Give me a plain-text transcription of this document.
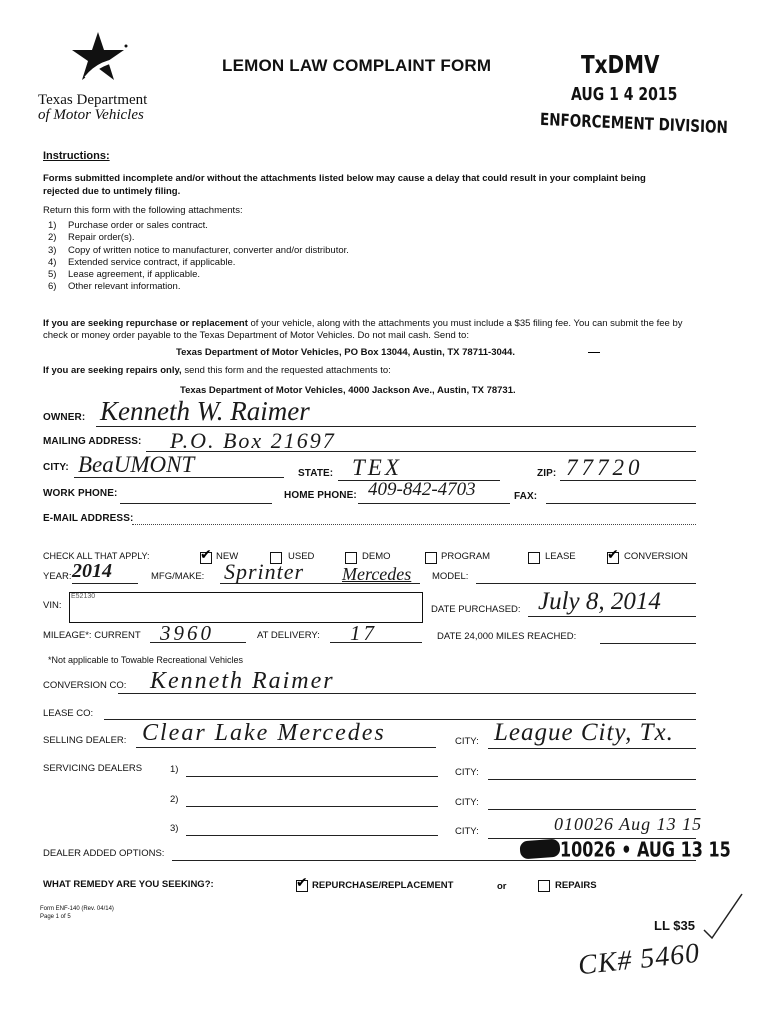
Texas Department
of Motor Vehicles
LEMON LAW COMPLAINT FORM	TxDMV
AUG 1 4 2015
ENFORCEMENT DIVISION
Instructions:
Forms submitted incomplete and/or without the attachments listed below may cause a delay that could result in your complaint being rejected due to untimely filing.
Return this form with the following attachments:
1) Purchase order or sales contract.
2) Repair order(s).
3) Copy of written notice to manufacturer, converter and/or distributor.
4) Extended service contract, if applicable.
5) Lease agreement, if applicable.
6) Other relevant information.
If you are seeking repurchase or replacement of your vehicle, along with the attachments you must include a $35 filing fee. You can submit the fee by check or money order payable to the Texas Department of Motor Vehicles. Do not mail cash. Send to:
Texas Department of Motor Vehicles, PO Box 13044, Austin, TX 78711-3044.
If you are seeking repairs only, send this form and the requested attachments to:
Texas Department of Motor Vehicles, 4000 Jackson Ave., Austin, TX 78731.
OWNER: Kenneth W. Raimer
MAILING ADDRESS: P.O. Box 21697
CITY: BeaUMONT	STATE: TEX	ZIP: 77720
WORK PHONE:	HOME PHONE: 409-842-4703	FAX:
E-MAIL ADDRESS:
CHECK ALL THAT APPLY:	✔ NEW	USED	DEMO	PROGRAM	LEASE ✔ CONVERSION
YEAR: 2014	MFG/MAKE: Sprinter Mercedes MODEL:
VIN:
E52130
DATE PURCHASED: July 8, 2014
MILEAGE*: CURRENT 3960	AT DELIVERY: 17	DATE 24,000 MILES REACHED:
*Not applicable to Towable Recreational Vehicles
CONVERSION CO: Kenneth Raimer
LEASE CO:
SELLING DEALER: Clear Lake Mercedes	CITY: League City, Tx.
SERVICING DEALERS	1)	CITY:
2)	CITY:
3)	CITY:	010026 Aug 13 15
DEALER ADDED OPTIONS:	10026 • AUG 13 15
WHAT REMEDY ARE YOU SEEKING?:	✔ REPURCHASE/REPLACEMENT	or	REPAIRS
Form ENF-140 (Rev. 04/14)
Page 1 of 5
LL $35
CK# 5460
